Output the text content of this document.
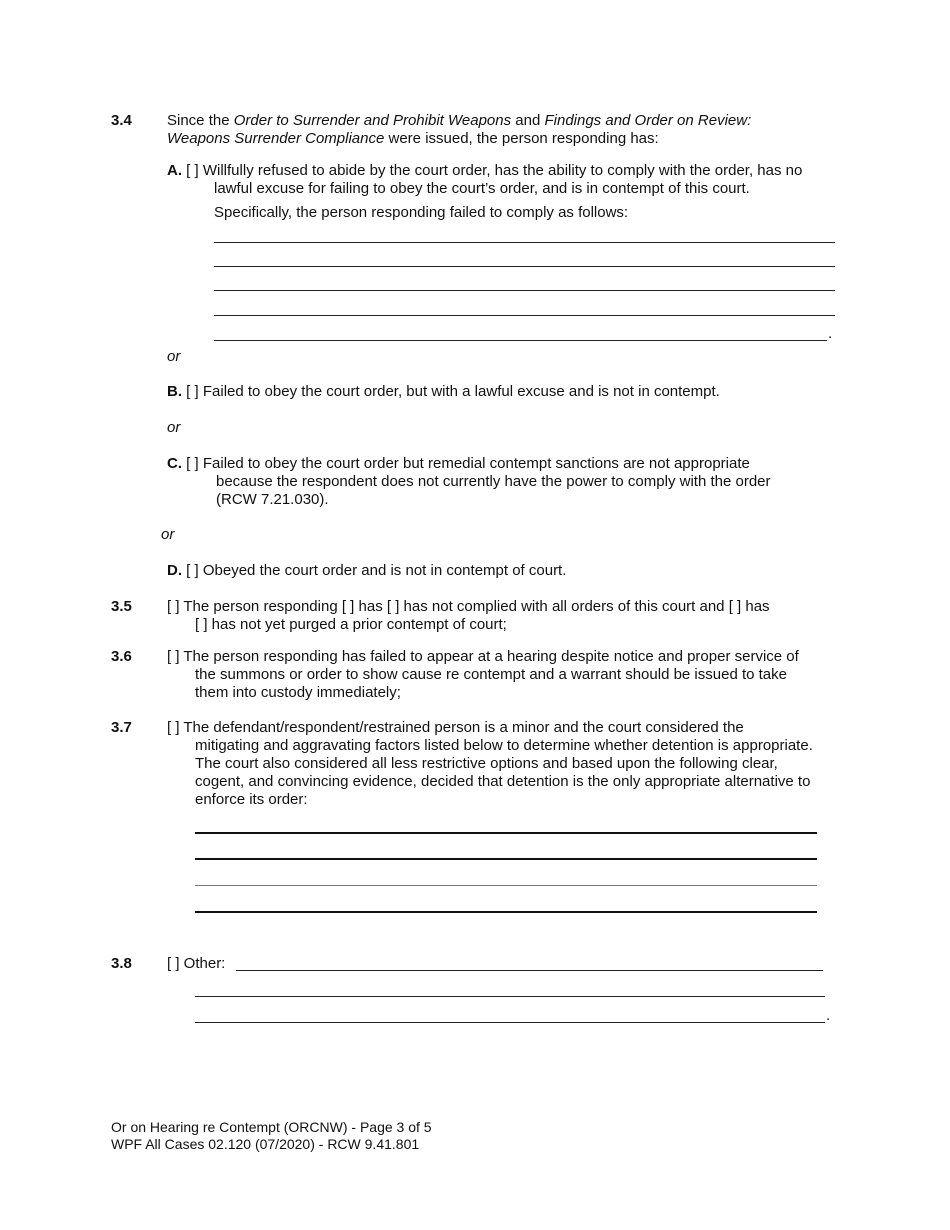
3.4 Since the Order to Surrender and Prohibit Weapons and Findings and Order on Review:
Weapons Surrender Compliance were issued, the person responding has:
A. [ ] Willfully refused to abide by the court order, has the ability to comply with the order, has no
lawful excuse for failing to obey the court’s order, and is in contempt of this court.
Specifically, the person responding failed to comply as follows:
.
or
B. [ ] Failed to obey the court order, but with a lawful excuse and is not in contempt.
or
C. [ ] Failed to obey the court order but remedial contempt sanctions are not appropriate
because the respondent does not currently have the power to comply with the order
(RCW 7.21.030).
or
D. [ ] Obeyed the court order and is not in contempt of court.
3.5 [ ] The person responding [ ] has [ ] has not complied with all orders of this court and [ ] has
[ ] has not yet purged a prior contempt of court;
3.6 [ ] The person responding has failed to appear at a hearing despite notice and proper service of
the summons or order to show cause re contempt and a warrant should be issued to take
them into custody immediately;
3.7 [ ] The defendant/respondent/restrained person is a minor and the court considered the
mitigating and aggravating factors listed below to determine whether detention is appropriate.
The court also considered all less restrictive options and based upon the following clear,
cogent, and convincing evidence, decided that detention is the only appropriate alternative to
enforce its order:
3.8 [ ] Other:
.
Or on Hearing re Contempt (ORCNW) - Page 3 of 5
WPF All Cases 02.120 (07/2020) - RCW 9.41.801
